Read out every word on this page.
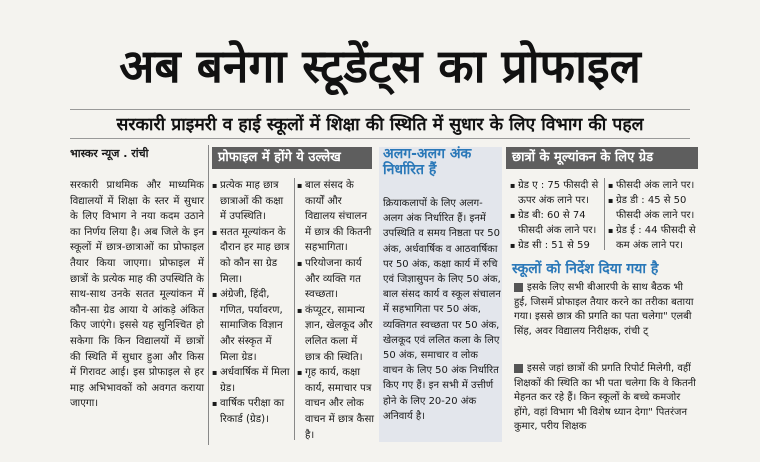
अब बनेगा स्टूडेंट्स का प्रोफाइल
सरकारी प्राइमरी व हाई स्कूलों में शिक्षा की स्थिति में सुधार के लिए विभाग की पहल
भास्कर न्यूज . रांची

सरकारी प्राथमिक और माध्यमिक विद्यालयों में शिक्षा के स्तर में सुधार के लिए विभाग ने नया कदम उठाने का निर्णय लिया है। अब जिले के इन स्कूलों में छात्र-छात्राओं का प्रोफाइल तैयार किया जाएगा। प्रोफाइल में छात्रों के प्रत्येक माह की उपस्थिति के साथ-साथ उनके सतत मूल्यांकन में कौन-सा ग्रेड आया ये आंकड़े अंकित किए जाएंगे। इससे यह सुनिश्चित हो सकेगा कि किन विद्यालयों में छात्रों की स्थिति में सुधार हुआ और किस में गिरावट आई। इस प्रोफाइल से हर माह अभिभावकों को अवगत कराया जाएगा।

प्रोफाइल में होंगे ये उल्लेख
▪ प्रत्येक माह छात्र छात्राओं की कक्षा में उपस्थिति।
▪ सतत मूल्यांकन के दौरान हर माह छात्र को कौन सा ग्रेड मिला।
▪ अंग्रेजी, हिंदी, गणित, पर्यावरण, सामाजिक विज्ञान और संस्कृत में मिला ग्रेड।
▪ अर्धवार्षिक में मिला ग्रेड।
▪ वार्षिक परीक्षा का रिकार्ड (ग्रेड)।
▪ बाल संसद के कार्यों और विद्यालय संचालन में छात्र की कितनी सहभागिता।
▪ परियोजना कार्य और व्यक्ति गत स्वच्छता।
▪ कंप्यूटर, सामान्य ज्ञान, खेलकूद और ललित कला में छात्र की स्थिति।
▪ गृह कार्य, कक्षा कार्य, समाचार पत्र वाचन और लोक वाचन में छात्र कैसा है।
अलग-अलग अंक निर्धारित हैं
क्रियाकलापों के लिए अलग-अलग अंक निर्धारित हैं। इनमें उपस्थिति व समय निष्ठता पर 50 अंक, अर्धवार्षिक व आठवार्षिका पर 50 अंक, कक्षा कार्य में रुचि एवं जिज्ञासुपन के लिए 50 अंक, बाल संसद कार्य व स्कूल संचालन में सहभागिता पर 50 अंक, व्यक्तिगत स्वच्छता पर 50 अंक, खेलकूद एवं ललित कला के लिए 50 अंक, समाचार व लोक वाचन के लिए 50 अंक निर्धारित किए गए हैं। इन सभी में उत्तीर्ण होने के लिए 20-20 अंक अनिवार्य है।
छात्रों के मूल्यांकन के लिए ग्रेड
▪ ग्रेड ए : 75 फीसदी से ऊपर अंक लाने पर।
▪ ग्रेड बी: 60 से 74 फीसदी अंक लाने पर।
▪ ग्रेड सी : 51 से 59
▪ फीसदी अंक लाने पर।
▪ ग्रेड डी : 45 से 50 फीसदी अंक लाने पर।
▪ ग्रेड ई : 44 फीसदी से कम अंक लाने पर।
स्कूलों को निर्देश दिया गया है
इसके लिए सभी बीआरपी के साथ बैठक भी हुई, जिसमें प्रोफाइल तैयार करने का तरीका बताया गया। इससे छात्र की प्रगति का पता चलेगा" एलबी सिंह, अवर विद्यालय निरीक्षक, रांची ट्
इससे जहां छात्रों की प्रगति रिपोर्ट मिलेगी, वहीं शिक्षकों की स्थिति का भी पता चलेगा कि वे कितनी मेहनत कर रहे हैं। किन स्कूलों के बच्चे कमजोर होंगे, वहां विभाग भी विशेष ध्यान देगा" पितरंजन कुमार, परीय शिक्षक
